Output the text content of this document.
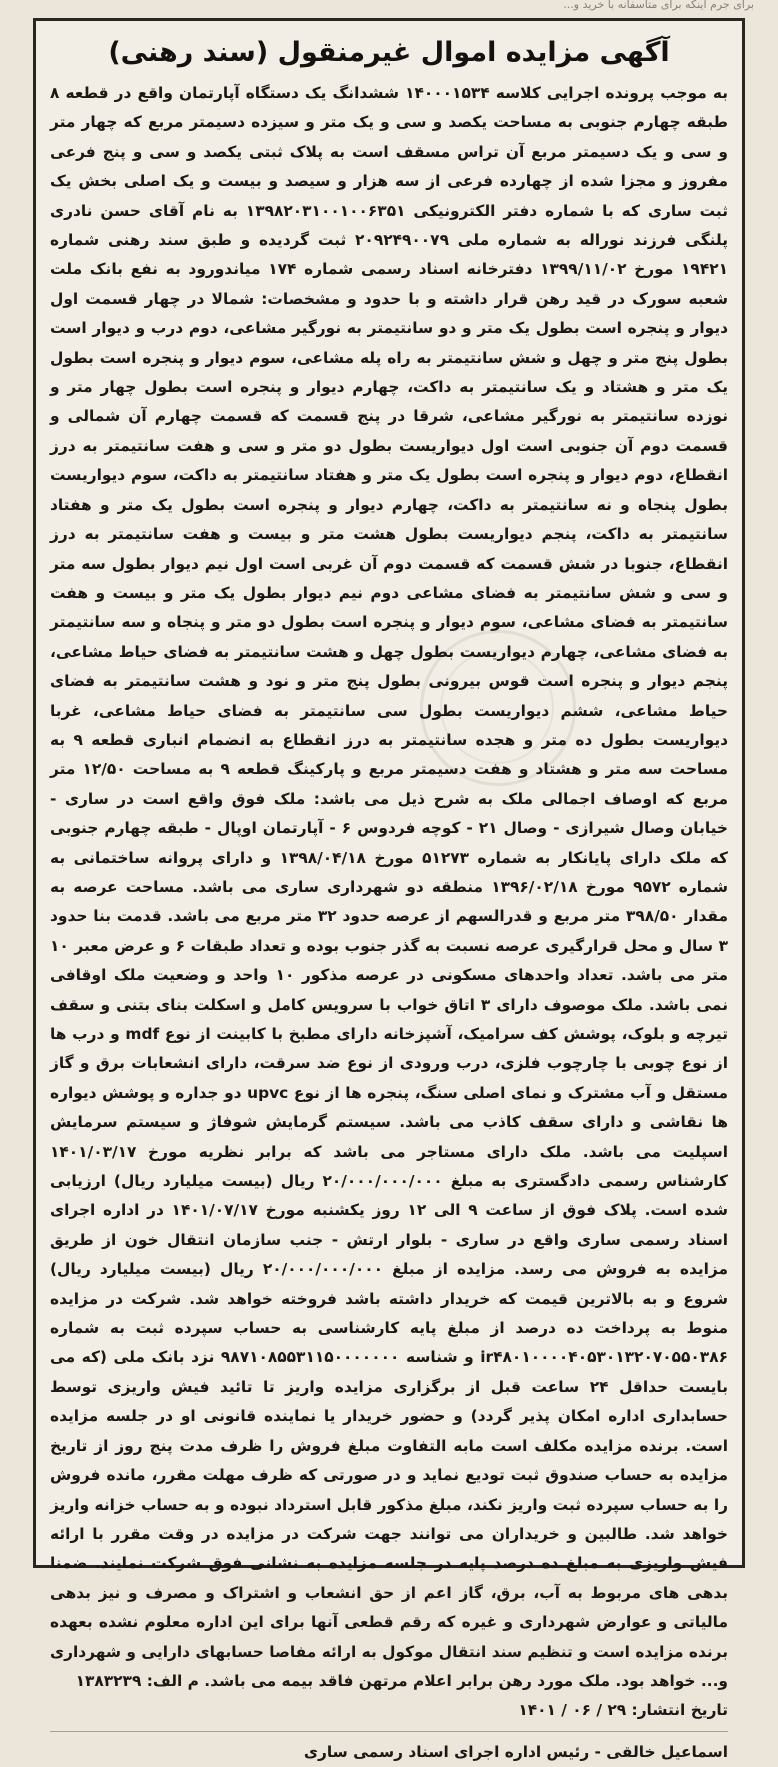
برای جرم اینکه برای متاسفانه با خرید و...
آگهی مزایده اموال غیرمنقول (سند رهنی)

به موجب پرونده اجرایی کلاسه ۱۴۰۰۰۱۵۳۴ ششدانگ یک دستگاه آپارتمان واقع در قطعه ۸ طبقه چهارم جنوبی به مساحت یکصد و سی و یک متر و سیزده دسیمتر مربع که چهار متر و سی و یک دسیمتر مربع آن تراس مسقف است به پلاک ثبتی یکصد و سی و پنج فرعی مفروز و مجزا شده از چهارده فرعی از سه هزار و سیصد و بیست و یک اصلی بخش یک ثبت ساری که با شماره دفتر الکترونیکی ۱۳۹۸۲۰۳۱۰۰۱۰۰۶۳۵۱ به نام آقای حسن نادری پلنگی فرزند نوراله به شماره ملی ۲۰۹۲۴۹۰۰۷۹ ثبت گردیده و طبق سند رهنی شماره ۱۹۴۲۱ مورخ ۱۳۹۹/۱۱/۰۲ دفترخانه اسناد رسمی شماره ۱۷۴ میاندورود به نفع بانک ملت شعبه سورک در قید رهن قرار داشته و با حدود و مشخصات: شمالا در چهار قسمت اول دیوار و پنجره است بطول یک متر و دو سانتیمتر به نورگیر مشاعی، دوم درب و دیوار است بطول پنج متر و چهل و شش سانتیمتر به راه پله مشاعی، سوم دیوار و پنجره است بطول یک متر و هشتاد و یک سانتیمتر به داکت، چهارم دیوار و پنجره است بطول چهار متر و نوزده سانتیمتر به نورگیر مشاعی، شرقا در پنج قسمت که قسمت چهارم آن شمالی و قسمت دوم آن جنوبی است اول دیواریست بطول دو متر و سی و هفت سانتیمتر به درز انقطاع، دوم دیوار و پنجره است بطول یک متر و هفتاد سانتیمتر به داکت، سوم دیواریست بطول پنجاه و نه سانتیمتر به داکت، چهارم دیوار و پنجره است بطول یک متر و هفتاد سانتیمتر به داکت، پنجم دیواریست بطول هشت متر و بیست و هفت سانتیمتر به درز انقطاع، جنوبا در شش قسمت که قسمت دوم آن غربی است اول نیم دیوار بطول سه متر و سی و شش سانتیمتر به فضای مشاعی دوم نیم دیوار بطول یک متر و بیست و هفت سانتیمتر به فضای مشاعی، سوم دیوار و پنجره است بطول دو متر و پنجاه و سه سانتیمتر به فضای مشاعی، چهارم دیواریست بطول چهل و هشت سانتیمتر به فضای حیاط مشاعی، پنجم دیوار و پنجره است قوس بیرونی بطول پنج متر و نود و هشت سانتیمتر به فضای حیاط مشاعی، ششم دیواریست بطول سی سانتیمتر به فضای حیاط مشاعی، غربا دیواریست بطول ده متر و هجده سانتیمتر به درز انقطاع به انضمام انباری قطعه ۹ به مساحت سه متر و هشتاد و هفت دسیمتر مربع و پارکینگ قطعه ۹ به مساحت ۱۲/۵۰ متر مربع که اوصاف اجمالی ملک به شرح ذیل می باشد: ملک فوق واقع است در ساری - خیابان وصال شیرازی - وصال ۲۱ - کوچه فردوس ۶ - آپارتمان اوپال - طبقه چهارم جنوبی که ملک دارای پایانکار به شماره ۵۱۲۷۳ مورخ ۱۳۹۸/۰۴/۱۸ و دارای پروانه ساختمانی به شماره ۹۵۷۲ مورخ ۱۳۹۶/۰۲/۱۸ منطقه دو شهرداری ساری می باشد. مساحت عرصه به مقدار ۳۹۸/۵۰ متر مربع و قدرالسهم از عرصه حدود ۳۲ متر مربع می باشد. قدمت بنا حدود ۳ سال و محل قرارگیری عرصه نسبت به گذر جنوب بوده و تعداد طبقات ۶ و عرض معبر ۱۰ متر می باشد. تعداد واحدهای مسکونی در عرصه مذکور ۱۰ واحد و وضعیت ملک اوقافی نمی باشد. ملک موصوف دارای ۳ اتاق خواب با سرویس کامل و اسکلت بنای بتنی و سقف تیرچه و بلوک، پوشش کف سرامیک، آشپزخانه دارای مطبخ با کابینت از نوع mdf و درب ها از نوع چوبی با چارچوب فلزی، درب ورودی از نوع ضد سرقت، دارای انشعابات برق و گاز مستقل و آب مشترک و نمای اصلی سنگ، پنجره ها از نوع upvc دو جداره و پوشش دیواره ها نقاشی و دارای سقف کاذب می باشد. سیستم گرمایش شوفاژ و سیستم سرمایش اسپلیت می باشد. ملک دارای مستاجر می باشد که برابر نظریه مورخ ۱۴۰۱/۰۳/۱۷ کارشناس رسمی دادگستری به مبلغ ۲۰/۰۰۰/۰۰۰/۰۰۰ ریال (بیست میلیارد ریال) ارزیابی شده است. پلاک فوق از ساعت ۹ الی ۱۲ روز یکشنبه مورخ ۱۴۰۱/۰۷/۱۷ در اداره اجرای اسناد رسمی ساری واقع در ساری - بلوار ارتش - جنب سازمان انتقال خون از طریق مزایده به فروش می رسد. مزایده از مبلغ ۲۰/۰۰۰/۰۰۰/۰۰۰ ریال (بیست میلیارد ریال) شروع و به بالاترین قیمت که خریدار داشته باشد فروخته خواهد شد. شرکت در مزایده منوط به پرداخت ده درصد از مبلغ پایه کارشناسی به حساب سپرده ثبت به شماره ir۴۸۰۱۰۰۰۰۴۰۵۳۰۱۳۲۰۷۰۵۵۰۳۸۶ و شناسه ۹۸۷۱۰۸۵۵۳۱۱۵۰۰۰۰۰۰۰ نزد بانک ملی (که می بایست حداقل ۲۴ ساعت قبل از برگزاری مزایده واریز تا تائید فیش واریزی توسط حسابداری اداره امکان پذیر گردد) و حضور خریدار یا نماینده قانونی او در جلسه مزایده است. برنده مزایده مکلف است مابه التفاوت مبلغ فروش را ظرف مدت پنج روز از تاریخ مزایده به حساب صندوق ثبت تودیع نماید و در صورتی که ظرف مهلت مقرر، مانده فروش را به حساب سپرده ثبت واریز نکند، مبلغ مذکور قابل استرداد نبوده و به حساب خزانه واریز خواهد شد. طالبین و خریداران می توانند جهت شرکت در مزایده در وقت مقرر با ارائه فیش واریزی به مبلغ ده درصد پایه در جلسه مزایده به نشانی فوق شرکت نمایند. ضمنا بدهی های مربوط به آب، برق، گاز اعم از حق انشعاب و اشتراک و مصرف و نیز بدهی مالیاتی و عوارض شهرداری و غیره که رقم قطعی آنها برای این اداره معلوم نشده بعهده برنده مزایده است و تنظیم سند انتقال موکول به ارائه مفاصا حسابهای دارایی و شهرداری و... خواهد بود. ملک مورد رهن برابر اعلام مرتهن فاقد بیمه می باشد. م الف: ۱۳۸۳۲۳۹

تاریخ انتشار: ۲۹ / ۰۶ / ۱۴۰۱

اسماعیل خالقی - رئیس اداره اجرای اسناد رسمی ساری
